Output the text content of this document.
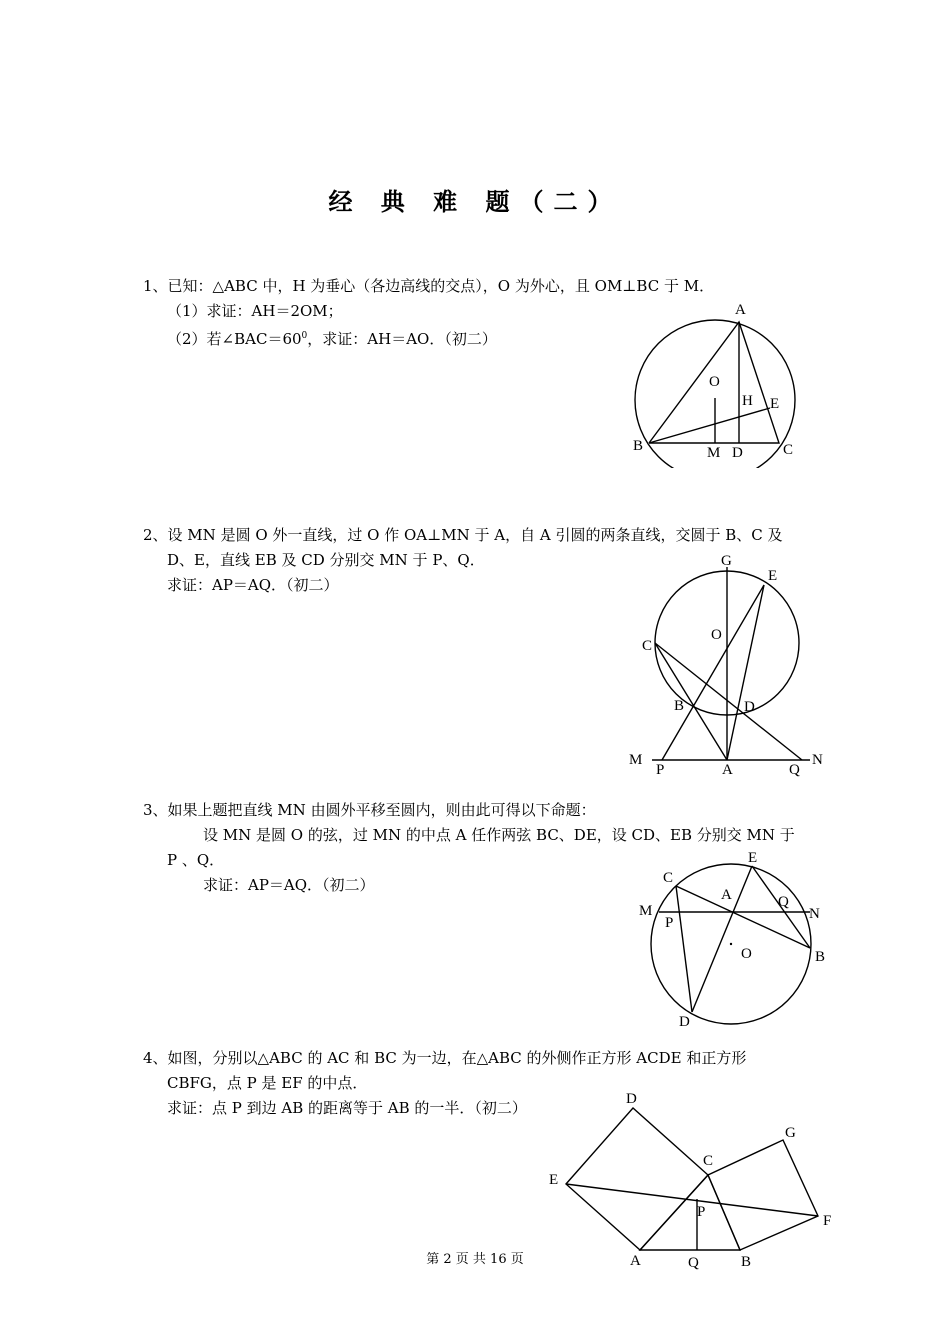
经 典 难 题（二）
1、已知：△ABC 中，H 为垂心（各边高线的交点），O 为外心，且 OM⊥BC 于 M．
（1）求证：AH＝2OM；
（2）若$\angle BAC=60^0$，求证：AH＝AO．（初二）
A
O
H E
B	M D	C
2、设 MN 是圆 O 外一直线，过 O 作 OA⊥MN 于 A，自 A 引圆的两条直线，交圆于 B、C 及
D、E，直线 EB 及 CD 分别交 MN 于 P、Q．
求证：AP＝AQ．（初二）
G
E
O
C
B	D
M
P	A	Q
N
3、如果上题把直线 MN 由圆外平移至圆内，则由此可得以下命题：
设 MN 是圆 O 的弦，过 MN 的中点 A 任作两弦 BC、DE，设 CD、EB 分别交 MN 于
P 、Q．
求证：AP＝AQ．（初二）
E
C
A	Q
M	N
P
O	B
D
4、如图，分别以△ABC 的 AC 和 BC 为一边，在△ABC 的外侧作正方形 ACDE 和正方形
CBFG，点 P 是 EF 的中点．
求证：点 P 到边 AB 的距离等于 AB 的一半．（初二）	D
G
C
E
P
F
A	Q	B
第 2 页 共 16 页
